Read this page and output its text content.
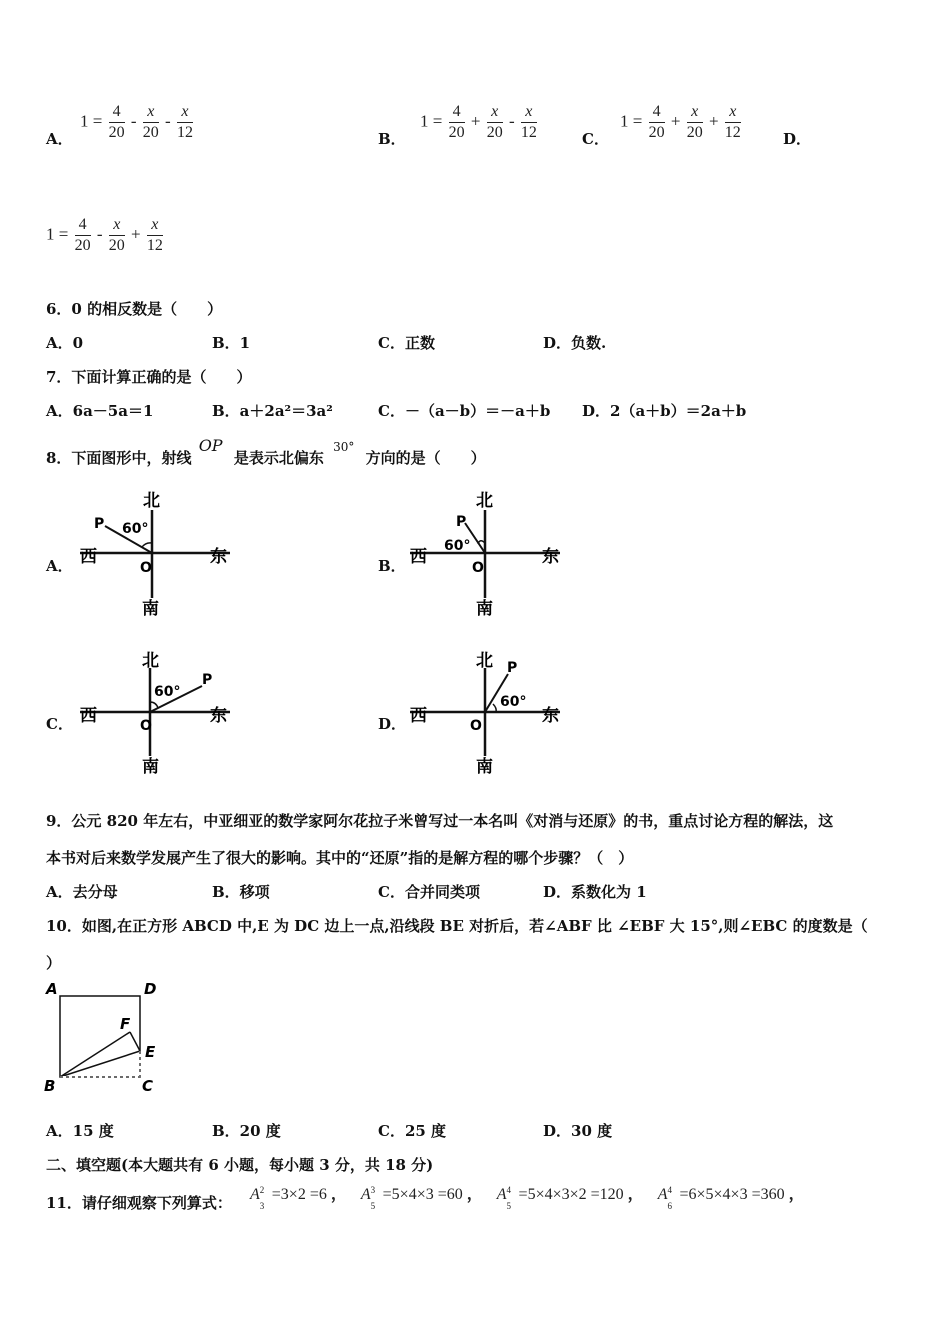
A．
$1 = \frac{4}{20} - \frac{x}{20} - \frac{x}{12}$	B．
$1 = \frac{4}{20} + \frac{x}{20} - \frac{x}{12}$	C．
$1 = \frac{4}{20} + \frac{x}{20} + \frac{x}{12}$	D．
$1 = \frac{4}{20} - \frac{x}{20} + \frac{x}{12}$
6．0 的相反数是（　　）
A．0	B．1	C．正数	D．负数.
7．下面计算正确的是（　　）
A．6a－5a＝1	B．a＋2a²＝3a²	C．－（a－b）＝－a＋b D．2（a＋b）＝2a＋b
8．下面图形中，射线 OP 是表示北偏东 $^{30^\circ}$ 方向的是（　　）
A．	B．
C．	D．
北
南
西	东
O
P 60°
北
南
西	东
O
P
60°
北
南
西	东
O
P
60°
北
南
西	东
O
P
60°
9．公元 820 年左右，中亚细亚的数学家阿尔花拉子米曾写过一本名叫《对消与还原》的书，重点讨论方程的解法，这
本书对后来数学发展产生了很大的影响。其中的“还原”指的是解方程的哪个步骤？（　）
A．去分母	B．移项	C．合并同类项	D．系数化为 1
10．如图,在正方形 ABCD 中,E 为 DC 边上一点,沿线段 BE 对折后，若∠ABF 比 ∠EBF 大 15°,则∠EBC 的度数是（
）
A	D
B	C
E
F
A．15 度	B．20 度	C．25 度	D．30 度
二、填空题(本大题共有 6 小题，每小题 3 分，共 18 分)
11．请仔细观察下列算式： A 2
3
=3×2 =6 ， A 3
5
=5×4×3 =60 ， A 4
5
=5×4×3×2 =120 ， A 4
6
=6×5×4×3 =360 ，
